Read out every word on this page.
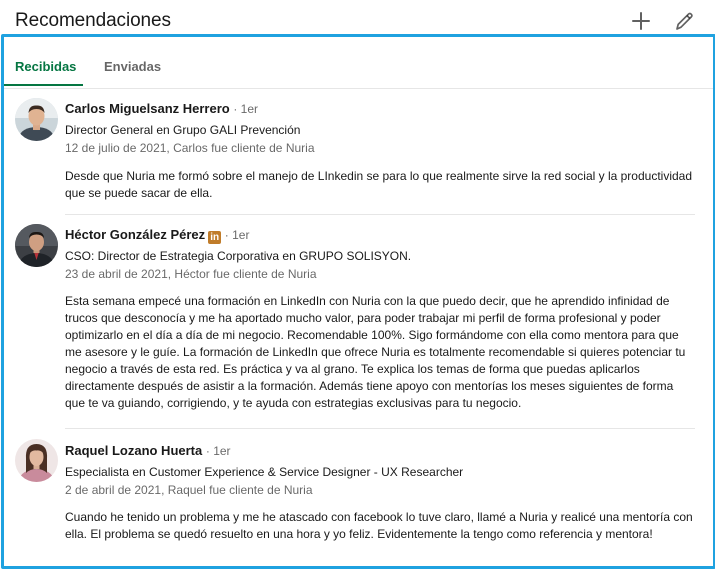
Recomendaciones
Recibidas Enviadas
Carlos Miguelsanz Herrero · 1er
Director General en Grupo GALI Prevención
12 de julio de 2021, Carlos fue cliente de Nuria
Desde que Nuria me formó sobre el manejo de LInkedin se para lo que realmente sirve la red social y la productividad que se puede sacar de ella.
Héctor González Pérez in · 1er
CSO: Director de Estrategia Corporativa en GRUPO SOLISYON.
23 de abril de 2021, Héctor fue cliente de Nuria
Esta semana empecé una formación en LinkedIn con Nuria con la que puedo decir, que he aprendido infinidad de trucos que desconocía y me ha aportado mucho valor, para poder trabajar mi perfil de forma profesional y poder optimizarlo en el día a día de mi negocio. Recomendable 100%. Sigo formándome con ella como mentora para que me asesore y le guíe. La formación de LinkedIn que ofrece Nuria es totalmente recomendable si quieres potenciar tu negocio a través de esta red. Es práctica y va al grano. Te explica los temas de forma que puedas aplicarlos directamente después de asistir a la formación. Además tiene apoyo con mentorías los meses siguientes de forma que te va guiando, corrigiendo, y te ayuda con estrategias exclusivas para tu negocio.
Raquel Lozano Huerta · 1er
Especialista en Customer Experience & Service Designer - UX Researcher
2 de abril de 2021, Raquel fue cliente de Nuria
Cuando he tenido un problema y me he atascado con facebook lo tuve claro, llamé a Nuria y realicé una mentoría con ella. El problema se quedó resuelto en una hora y yo feliz. Evidentemente la tengo como referencia y mentora!
